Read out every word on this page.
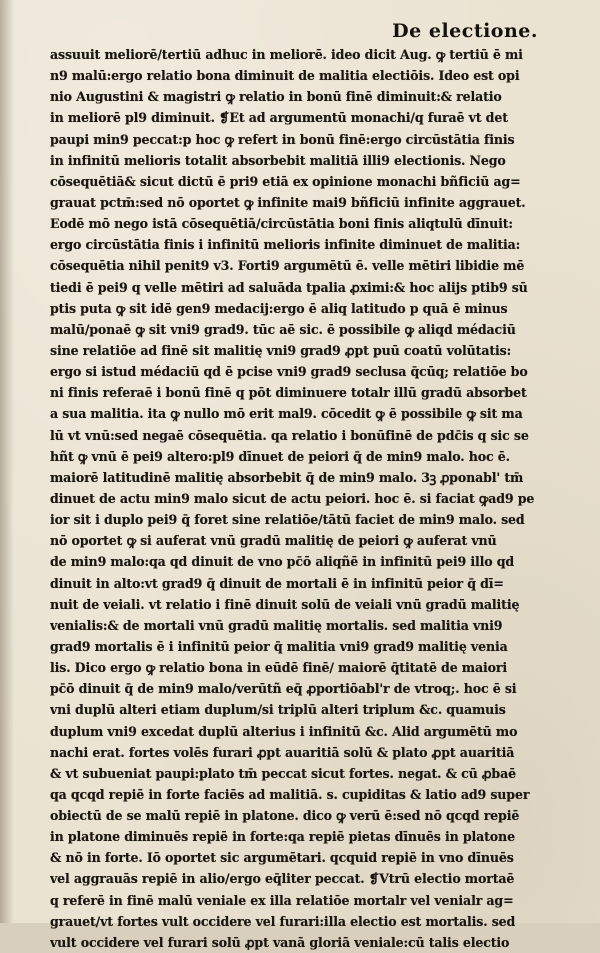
De electione.
assuuit meliorē/tertiū adhuc in meliorē. ideo dicit Aug. ꝙ tertiū ē mi
n9 malū:ergo relatio bona diminuit de malitia electiōis. Ideo est opi
nio Augustini & magistri ꝙ relatio in bonū finē diminuit:& relatio
in meliorē pl9 diminuit. ❡Et ad argumentū monachi/q furaē vt det
paupi min9 peccat:p hoc ꝙ refert in bonū finē:ergo circūstātia finis
in infinitū melioris totalit absorbebit malitiā illi9 electionis. Nego
cōsequētiā& sicut dictū ē pri9 etiā ex opinione monachi bñficiū ag=
grauat pctm̄:sed nō oportet ꝙ infinite mai9 bñficiū infinite aggrauet.
Eodē mō nego istā cōsequētiā/circūstātia boni finis aliqtulū dīnuit:
ergo circūstātia finis i infinitū melioris infinite diminuet de malitia:
cōsequētia nihil penit9 v3. Forti9 argumētū ē. velle mētiri libidie mē
tiedi ē pei9 q velle mētiri ad saluāda tpalia ꝓximi:& hoc alijs ptib9 sū
ptis puta ꝙ sit idē gen9 medacij:ergo ē aliq latitudo p quā ē minus
malū/ponaē ꝙ sit vni9 grad9. tūc aē sic. ē possibile ꝙ aliqd médaciū
sine relatiōe ad finē sit malitię vni9 grad9 ꝓpt puū coatū volūtatis:
ergo si istud médaciū qd ē pcise vni9 grad9 seclusa q̄cūq; relatiōe bo
ni finis referaē i bonū finē q pōt diminuere totalr illū gradū absorbet
a sua malitia. ita ꝙ nullo mō erit mal9. cōcedit ꝙ ē possibile ꝙ sit ma
lū vt vnū:sed negaē cōsequētia. qa relatio i bonūfinē de pdc̄is q sic se
hñt ꝙ vnū ē pei9 altero:pl9 dīnuet de peiori q̄ de min9 malo. hoc ē.
maiorē latitudinē malitię absorbebit q̄ de min9 malo. 3ꝫ ꝓponabl' tm̄
dinuet de actu min9 malo sicut de actu peiori. hoc ē. si faciat ꝙad9 pe
ior sit i duplo pei9 q̄ foret sine relatiōe/tātū faciet de min9 malo. sed
nō oportet ꝙ si auferat vnū gradū malitię de peiori ꝙ auferat vnū
de min9 malo:qa qd dinuit de vno pc̄ō aliqñē in infinitū pei9 illo qd
dinuit in alto:vt grad9 q̄ dinuit de mortali ē in infinitū peior q̄ dī=
nuit de veiali. vt relatio i finē dinuit solū de veiali vnū gradū malitię
venialis:& de mortali vnū gradū malitię mortalis. sed malitia vni9
grad9 mortalis ē i infinitū peior q̄ malitia vni9 grad9 malitię venia
lis. Dico ergo ꝙ relatio bona in eūdē finē/ maiorē q̄titatē de maiori
pc̄ō dinuit q̄ de min9 malo/verūtñ eq̄ ꝓportiōabl'r de vtroq;. hoc ē si
vni duplū alteri etiam duplum/si triplū alteri triplum &c. quamuis
duplum vni9 excedat duplū alterius i infinitū &c. Alid argumētū mo
nachi erat. fortes volēs furari ꝓpt auaritiā solū & plato ꝓpt auaritiā
& vt subueniat paupi:plato tm̄ peccat sicut fortes. negat. & cū ꝓbaē
qa qcqd repiē in forte faciēs ad malitiā. s. cupiditas & latio ad9 super
obiectū de se malū repiē in platone. dico ꝙ verū ē:sed nō qcqd repiē
in platone diminuēs repiē in forte:qa repiē pietas dīnuēs in platone
& nō in forte. Iō oportet sic argumētari. qcquid repiē in vno dīnuēs
vel aggrauās repiē in alio/ergo eq̄liter peccat. ❡Vtrū electio mortaē
q referē in finē malū veniale ex illa relatiōe mortalr vel venialr ag=
grauet/vt fortes vult occidere vel furari:illa electio est mortalis. sed
vult occidere vel furari solū ꝓpt vanā gloriā veniale:cū talis electio
